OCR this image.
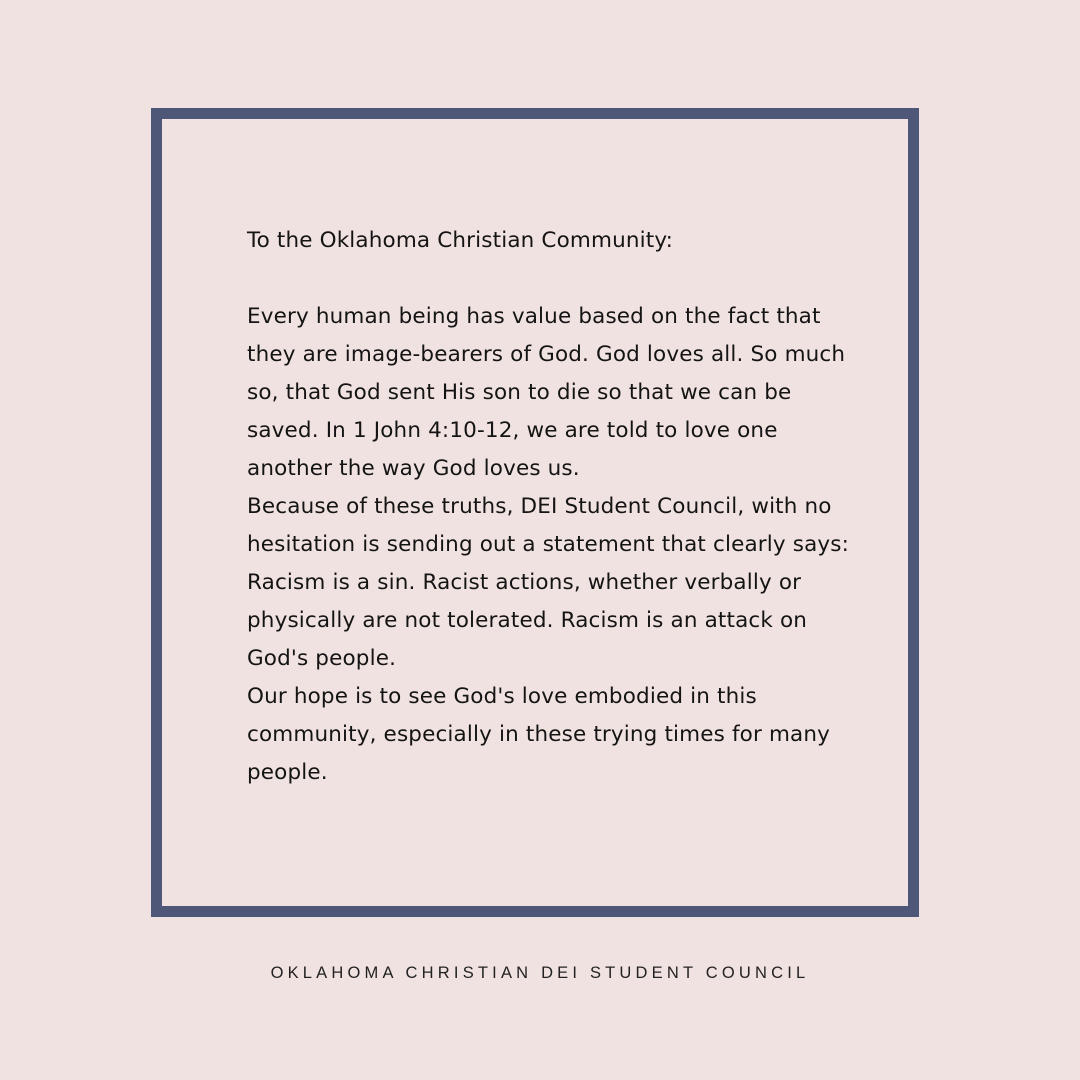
To the Oklahoma Christian Community:

Every human being has value based on the fact that they are image-bearers of God. God loves all. So much so, that God sent His son to die so that we can be saved. In 1 John 4:10-12, we are told to love one another the way God loves us.

Because of these truths, DEI Student Council, with no hesitation is sending out a statement that clearly says: Racism is a sin. Racist actions, whether verbally or physically are not tolerated. Racism is an attack on God's people.

Our hope is to see God's love embodied in this community, especially in these trying times for many people.

OKLAHOMA CHRISTIAN DEI STUDENT COUNCIL
